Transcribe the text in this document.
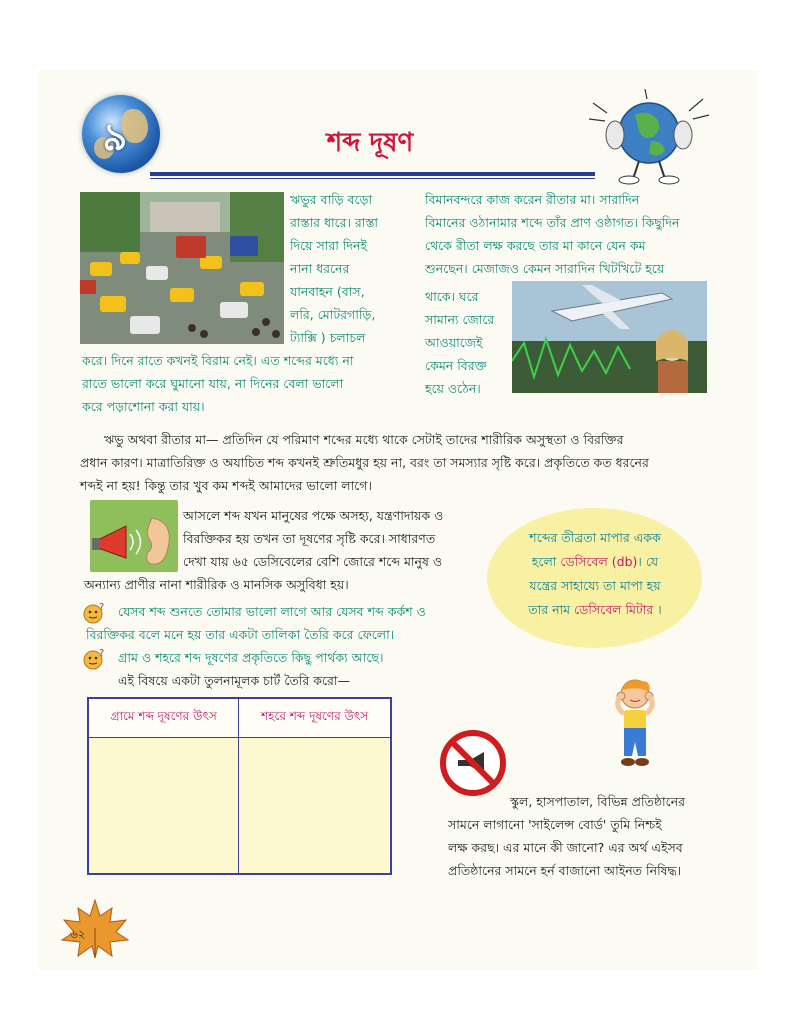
৯	শব্দ দূষণ
ঋভুর বাড়ি বড়ো
রাস্তার ধারে। রাস্তা
দিয়ে সারা দিনই
নানা ধরনের
যানবাহন (বাস,
লরি, মোটরগাড়ি,
ট্যাক্সি ) চলাচল
করে। দিনে রাতে কখনই বিরাম নেই। এত শব্দের মধ্যে না
রাতে ভালো করে ঘুমানো যায়, না দিনের বেলা ভালো
করে পড়াশোনা করা যায়।
বিমানবন্দরে কাজ করেন রীতার মা। সারাদিন
বিমানের ওঠানামার শব্দে তাঁর প্রাণ ওষ্ঠাগত। কিছুদিন
থেকে রীতা লক্ষ করছে তার মা কানে যেন কম
শুনছেন। মেজাজও কেমন সারাদিন খিটখিটে হয়ে
থাকে। ঘরে
সামান্য জোরে
আওয়াজেই
কেমন বিরক্ত
হয়ে ওঠেন।
ঋভু অথবা রীতার মা— প্রতিদিন যে পরিমাণ শব্দের মধ্যে থাকে সেটাই তাদের শারীরিক অসুস্থতা ও বিরক্তির
প্রধান কারণ। মাত্রাতিরিক্ত ও অযাচিত শব্দ কখনই শ্রুতিমধুর হয় না, বরং তা সমস্যার সৃষ্টি করে। প্রকৃতিতে কত ধরনের
শব্দই না হয়! কিন্তু তার খুব কম শব্দই আমাদের ভালো লাগে।
আসলে শব্দ যখন মানুষের পক্ষে অসহ্য, যন্ত্রণাদায়ক ও
বিরক্তিকর হয় তখন তা দূষণের সৃষ্টি করে। সাধারণত
দেখা যায় ৬৫ ডেসিবেলের বেশি জোরে শব্দে মানুষ ও
অন্যান্য প্রাণীর নানা শারীরিক ও মানসিক অসুবিধা হয়।
শব্দের তীব্রতা মাপার একক
হলো ডেসিবেল (db)। যে
যন্ত্রের সাহায্যে তা মাপা হয়
তার নাম ডেসিবেল মিটার ।
? যেসব শব্দ শুনতে তোমার ভালো লাগে আর যেসব শব্দ কর্কশ ও
বিরক্তিকর বলে মনে হয় তার একটা তালিকা তৈরি করে ফেলো।
? গ্রাম ও শহরে শব্দ দূষণের প্রকৃতিতে কিছু পার্থক্য আছে।
এই বিষয়ে একটা তুলনামূলক চার্ট তৈরি করো—
গ্রামে শব্দ দূষণের উৎস	শহরে শব্দ দূষণের উৎস

স্কুল, হাসপাতাল, বিভিন্ন প্রতিষ্ঠানের
সামনে লাগানো 'সাইলেন্স বোর্ড' তুমি নিশ্চই
লক্ষ করছ। এর মানে কী জানো? এর অর্থ এইসব
প্রতিষ্ঠানের সামনে হর্ন বাজানো আইনত নিষিদ্ধ।
৬২
